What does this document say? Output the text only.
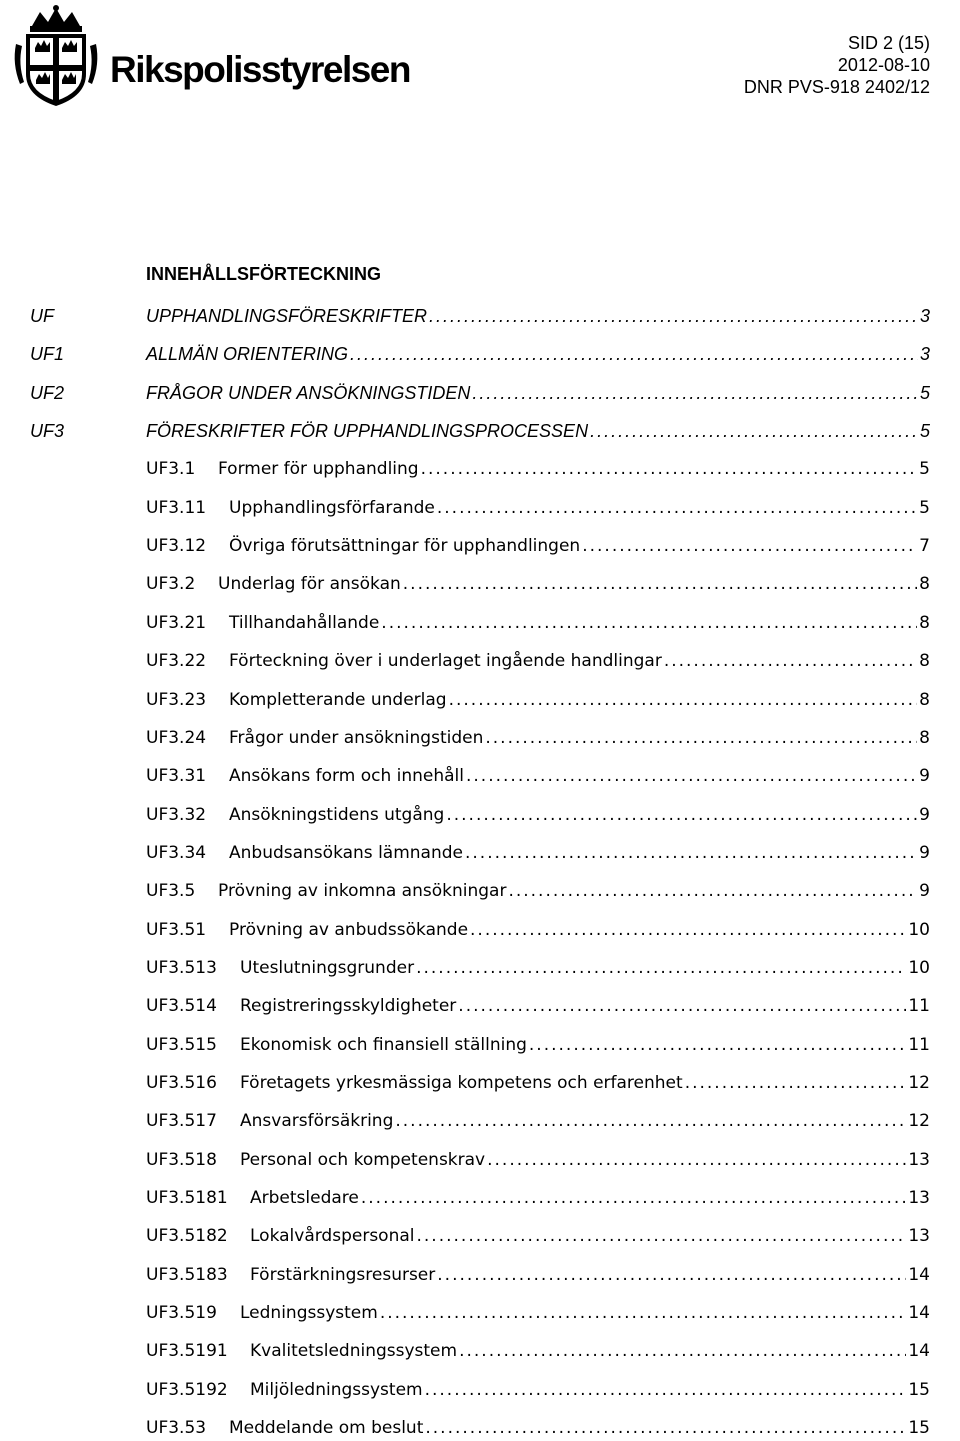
Rikspolisstyrelsen
SID 2 (15)
2012-08-10
DNR PVS-918 2402/12
INNEHÅLLSFÖRTECKNING
UF	UPPHANDLINGSFÖRESKRIFTER .....	3
UF1	ALLMÄN ORIENTERING .....	3
UF2	FRÅGOR UNDER ANSÖKNINGSTIDEN .....	5
UF3	FÖRESKRIFTER FÖR UPPHANDLINGSPROCESSEN .....	5
UF3.1	Former för upphandling .....	5
UF3.11	Upphandlingsförfarande .....	5
UF3.12	Övriga förutsättningar för upphandlingen .....	7
UF3.2	Underlag för ansökan .....	8
UF3.21	Tillhandahållande .....	8
UF3.22	Förteckning över i underlaget ingående handlingar .....	8
UF3.23	Kompletterande underlag .....	8
UF3.24	Frågor under ansökningstiden .....	8
UF3.31	Ansökans form och innehåll .....	9
UF3.32	Ansökningstidens utgång .....	9
UF3.34	Anbudsansökans lämnande .....	9
UF3.5	Prövning av inkomna ansökningar .....	9
UF3.51	Prövning av anbudssökande .....	10
UF3.513	Uteslutningsgrunder .....	10
UF3.514	Registreringsskyldigheter .....	11
UF3.515	Ekonomisk och finansiell ställning .....	11
UF3.516	Företagets yrkesmässiga kompetens och erfarenhet .....	12
UF3.517	Ansvarsförsäkring .....	12
UF3.518	Personal och kompetenskrav .....	13
UF3.5181	Arbetsledare .....	13
UF3.5182	Lokalvårdspersonal .....	13
UF3.5183	Förstärkningsresurser .....	14
UF3.519	Ledningssystem .....	14
UF3.5191	Kvalitetsledningssystem .....	14
UF3.5192	Miljöledningssystem .....	15
UF3.53	Meddelande om beslut .....	15
